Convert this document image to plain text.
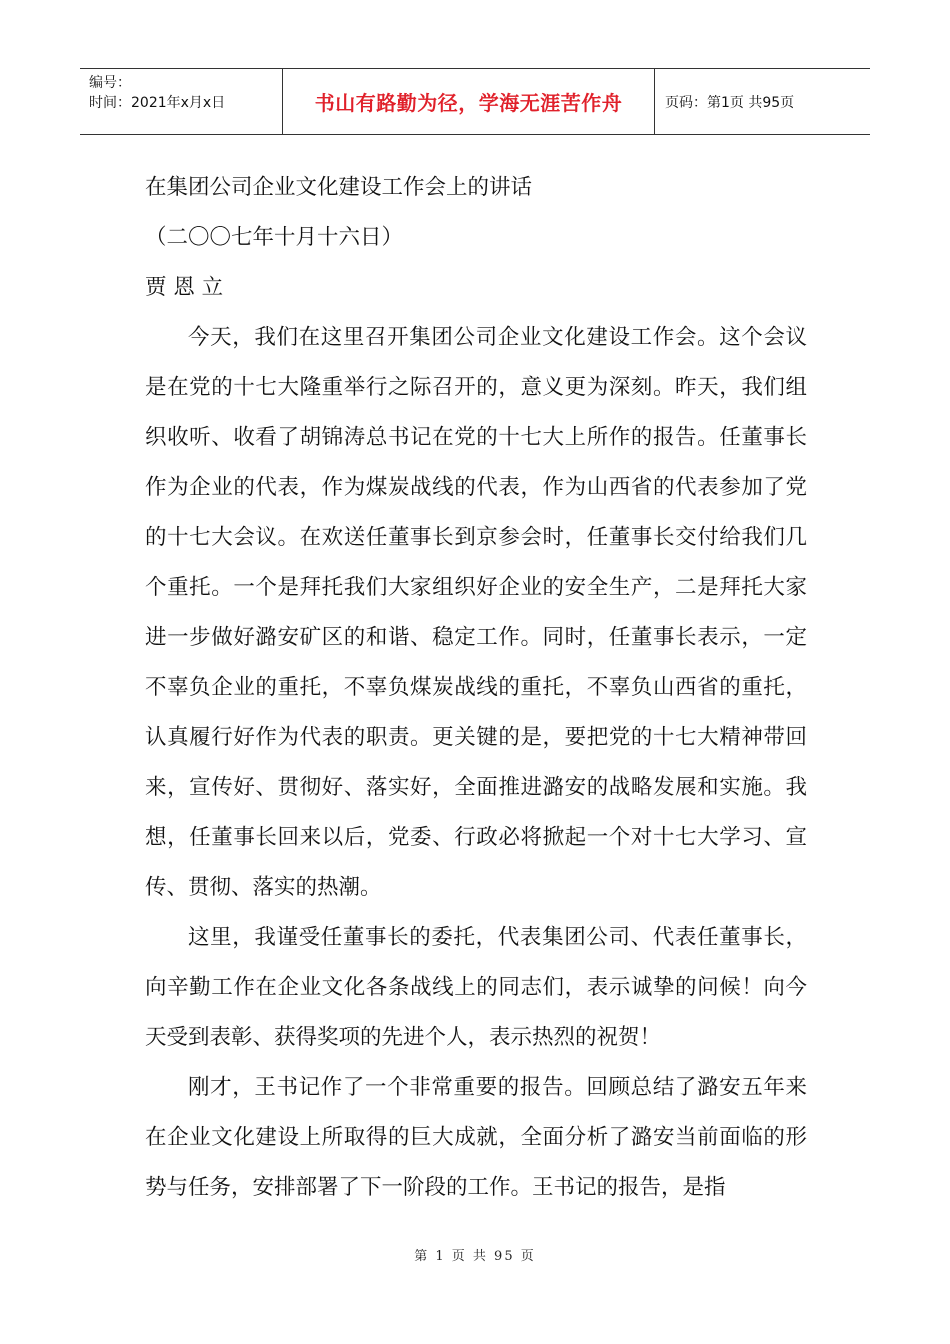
编号：
时间：2021年x月x日	书山有路勤为径，学海无涯苦作舟	页码：第1页 共95页

在集团公司企业文化建设工作会上的讲话

（二〇〇七年十月十六日）

贾 恩 立

今天，我们在这里召开集团公司企业文化建设工作会。这个会议是在党的十七大隆重举行之际召开的，意义更为深刻。昨天，我们组织收听、收看了胡锦涛总书记在党的十七大上所作的报告。任董事长作为企业的代表，作为煤炭战线的代表，作为山西省的代表参加了党的十七大会议。在欢送任董事长到京参会时，任董事长交付给我们几个重托。一个是拜托我们大家组织好企业的安全生产，二是拜托大家进一步做好潞安矿区的和谐、稳定工作。同时，任董事长表示，一定不辜负企业的重托，不辜负煤炭战线的重托，不辜负山西省的重托，认真履行好作为代表的职责。更关键的是，要把党的十七大精神带回来，宣传好、贯彻好、落实好，全面推进潞安的战略发展和实施。我想，任董事长回来以后，党委、行政必将掀起一个对十七大学习、宣传、贯彻、落实的热潮。

这里，我谨受任董事长的委托，代表集团公司、代表任董事长，向辛勤工作在企业文化各条战线上的同志们，表示诚挚的问候！向今天受到表彰、获得奖项的先进个人，表示热烈的祝贺！

刚才，王书记作了一个非常重要的报告。回顾总结了潞安五年来在企业文化建设上所取得的巨大成就，全面分析了潞安当前面临的形势与任务，安排部署了下一阶段的工作。王书记的报告，是指

第 1 页 共 95 页
